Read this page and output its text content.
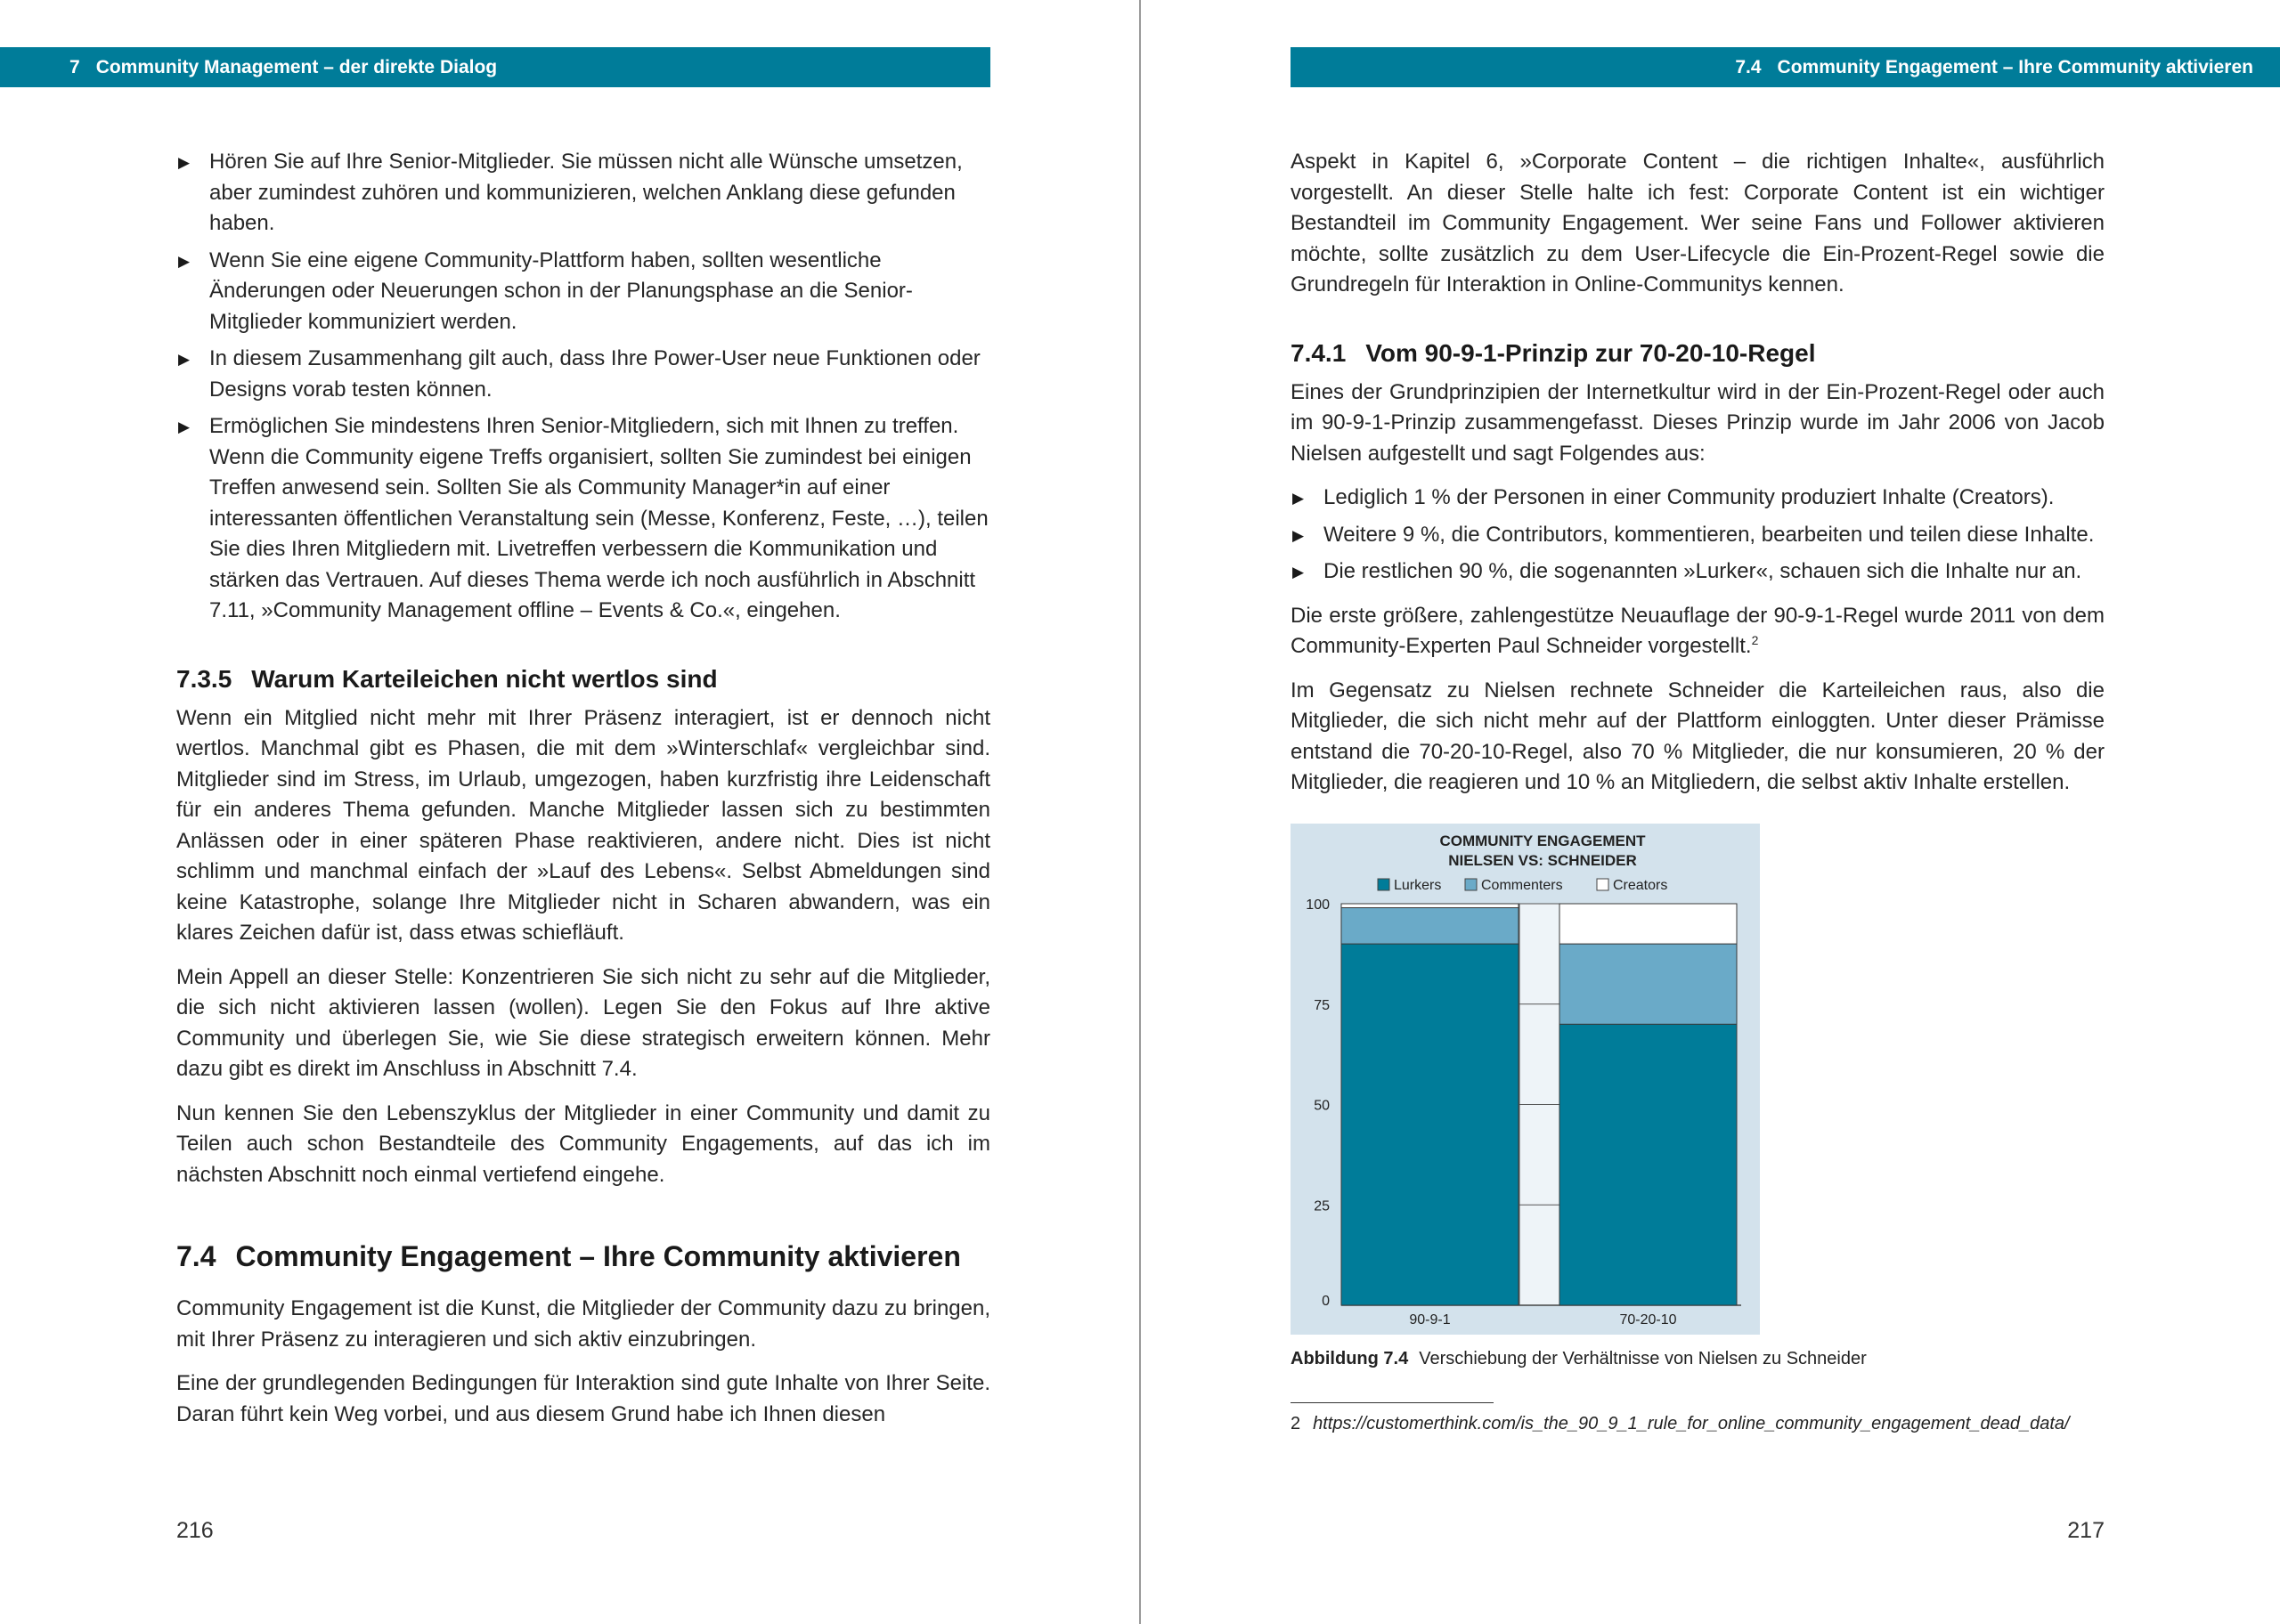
7 Community Management – der direkte Dialog
▶ Hören Sie auf Ihre Senior-Mitglieder. Sie müssen nicht alle Wünsche umsetzen, aber zumindest zuhören und kommunizieren, welchen Anklang diese gefunden haben.
▶ Wenn Sie eine eigene Community-Plattform haben, sollten wesentliche Änderungen oder Neuerungen schon in der Planungsphase an die Senior-Mitglieder kommuniziert werden.
▶ In diesem Zusammenhang gilt auch, dass Ihre Power-User neue Funktionen oder Designs vorab testen können.
▶ Ermöglichen Sie mindestens Ihren Senior-Mitgliedern, sich mit Ihnen zu treffen. Wenn die Community eigene Treffs organisiert, sollten Sie zumindest bei einigen Treffen anwesend sein. Sollten Sie als Community Manager*in auf einer interessanten öffentlichen Veranstaltung sein (Messe, Konferenz, Feste, …), teilen Sie dies Ihren Mitgliedern mit. Livetreffen verbessern die Kommunikation und stärken das Vertrauen. Auf dieses Thema werde ich noch ausführlich in Abschnitt 7.11, »Community Management offline – Events & Co.«, eingehen.
7.3.5 Warum Karteileichen nicht wertlos sind

Wenn ein Mitglied nicht mehr mit Ihrer Präsenz interagiert, ist er dennoch nicht wertlos. Manchmal gibt es Phasen, die mit dem »Winterschlaf« vergleichbar sind. Mitglieder sind im Stress, im Urlaub, umgezogen, haben kurzfristig ihre Leidenschaft für ein anderes Thema gefunden. Manche Mitglieder lassen sich zu bestimmten Anlässen oder in einer späteren Phase reaktivieren, andere nicht. Dies ist nicht schlimm und manchmal einfach der »Lauf des Lebens«. Selbst Abmeldungen sind keine Katastrophe, solange Ihre Mitglieder nicht in Scharen abwandern, was ein klares Zeichen dafür ist, dass etwas schiefläuft.

Mein Appell an dieser Stelle: Konzentrieren Sie sich nicht zu sehr auf die Mitglieder, die sich nicht aktivieren lassen (wollen). Legen Sie den Fokus auf Ihre aktive Community und überlegen Sie, wie Sie diese strategisch erweitern können. Mehr dazu gibt es direkt im Anschluss in Abschnitt 7.4.

Nun kennen Sie den Lebenszyklus der Mitglieder in einer Community und damit zu Teilen auch schon Bestandteile des Community Engagements, auf das ich im nächsten Abschnitt noch einmal vertiefend eingehe.

7.4 Community Engagement – Ihre Community aktivieren

Community Engagement ist die Kunst, die Mitglieder der Community dazu zu bringen, mit Ihrer Präsenz zu interagieren und sich aktiv einzubringen.

Eine der grundlegenden Bedingungen für Interaktion sind gute Inhalte von Ihrer Seite. Daran führt kein Weg vorbei, und aus diesem Grund habe ich Ihnen diesen

216
7.4 Community Engagement – Ihre Community aktivieren

Aspekt in Kapitel 6, »Corporate Content – die richtigen Inhalte«, ausführlich vorgestellt. An dieser Stelle halte ich fest: Corporate Content ist ein wichtiger Bestandteil im Community Engagement. Wer seine Fans und Follower aktivieren möchte, sollte zusätzlich zu dem User-Lifecycle die Ein-Prozent-Regel sowie die Grundregeln für Interaktion in Online-Communitys kennen.

7.4.1 Vom 90-9-1-Prinzip zur 70-20-10-Regel

Eines der Grundprinzipien der Internetkultur wird in der Ein-Prozent-Regel oder auch im 90-9-1-Prinzip zusammengefasst. Dieses Prinzip wurde im Jahr 2006 von Jacob Nielsen aufgestellt und sagt Folgendes aus:

▶ Lediglich 1 % der Personen in einer Community produziert Inhalte (Creators).
▶ Weitere 9 %, die Contributors, kommentieren, bearbeiten und teilen diese Inhalte.
▶ Die restlichen 90 %, die sogenannten »Lurker«, schauen sich die Inhalte nur an.

Die erste größere, zahlengestütze Neuauflage der 90-9-1-Regel wurde 2011 von dem Community-Experten Paul Schneider vorgestellt.$^2$

Im Gegensatz zu Nielsen rechnete Schneider die Karteileichen raus, also die Mitglieder, die sich nicht mehr auf der Plattform einloggten. Unter dieser Prämisse entstand die 70-20-10-Regel, also 70 % Mitglieder, die nur konsumieren, 20 % der Mitglieder, die reagieren und 10 % an Mitgliedern, die selbst aktiv Inhalte erstellen.

COMMUNITY ENGAGEMENT
NIELSEN VS: SCHNEIDER
Lurkers	Commenters	Creators
0
25
50
75
100
90-9-1	70-20-10
Abbildung 7.4 Verschiebung der Verhältnisse von Nielsen zu Schneider
2 https://customerthink.com/is_the_90_9_1_rule_for_online_community_engagement_dead_data/
217
